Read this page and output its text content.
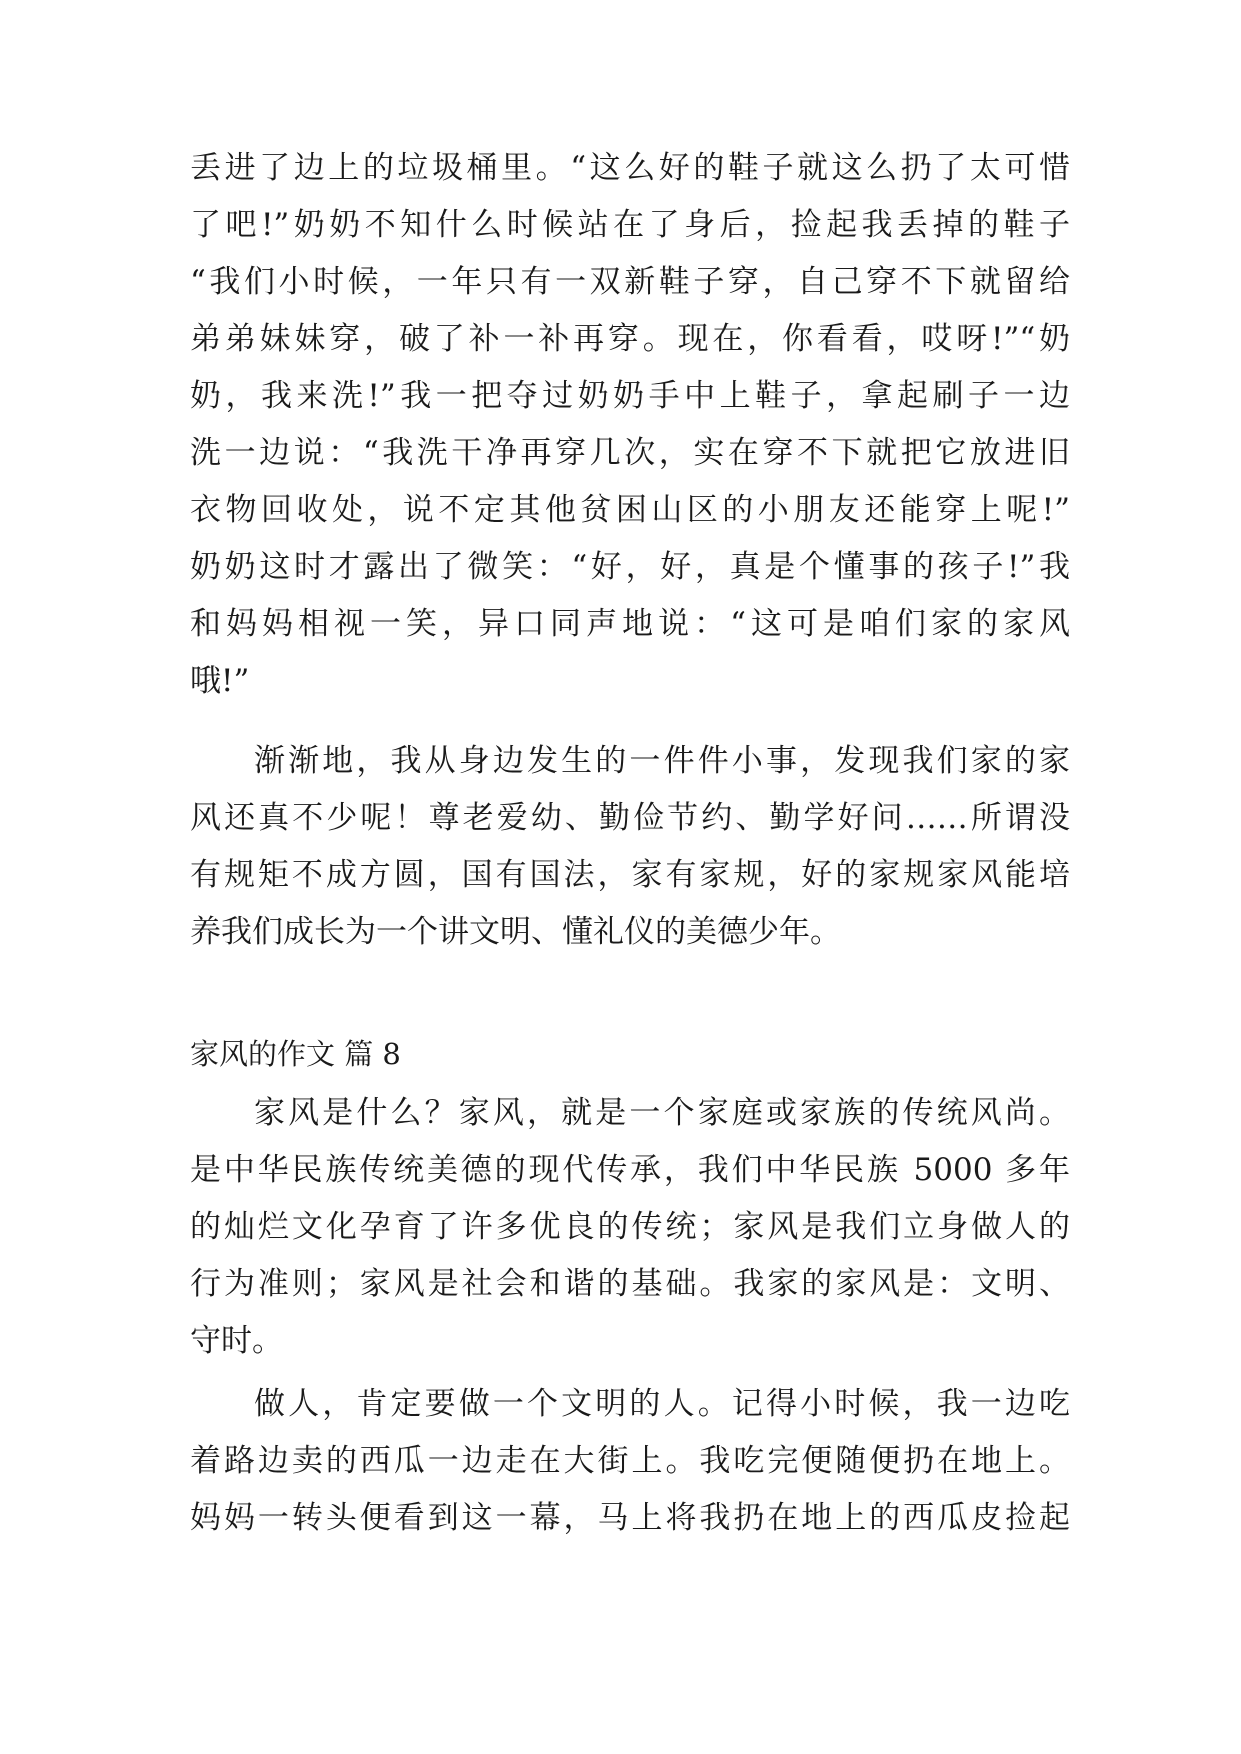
丢进了边上的垃圾桶里。“这么好的鞋子就这么扔了太可惜
了吧!”奶奶不知什么时候站在了身后，捡起我丢掉的鞋子
“我们小时候，一年只有一双新鞋子穿，自己穿不下就留给
弟弟妹妹穿，破了补一补再穿。现在，你看看，哎呀!”“奶
奶，我来洗!”我一把夺过奶奶手中上鞋子，拿起刷子一边
洗一边说：“我洗干净再穿几次，实在穿不下就把它放进旧
衣物回收处，说不定其他贫困山区的小朋友还能穿上呢!”
奶奶这时才露出了微笑：“好，好，真是个懂事的孩子!”我
和妈妈相视一笑，异口同声地说：“这可是咱们家的家风
哦!”
渐渐地，我从身边发生的一件件小事，发现我们家的家
风还真不少呢！尊老爱幼、勤俭节约、勤学好问……所谓没
有规矩不成方圆，国有国法，家有家规，好的家规家风能培
养我们成长为一个讲文明、懂礼仪的美德少年。
家风的作文 篇 8
家风是什么？家风，就是一个家庭或家族的传统风尚。
是中华民族传统美德的现代传承，我们中华民族 5000 多年
的灿烂文化孕育了许多优良的传统；家风是我们立身做人的
行为准则；家风是社会和谐的基础。我家的家风是：文明、
守时。
做人，肯定要做一个文明的人。记得小时候，我一边吃
着路边卖的西瓜一边走在大街上。我吃完便随便扔在地上。
妈妈一转头便看到这一幕，马上将我扔在地上的西瓜皮捡起
